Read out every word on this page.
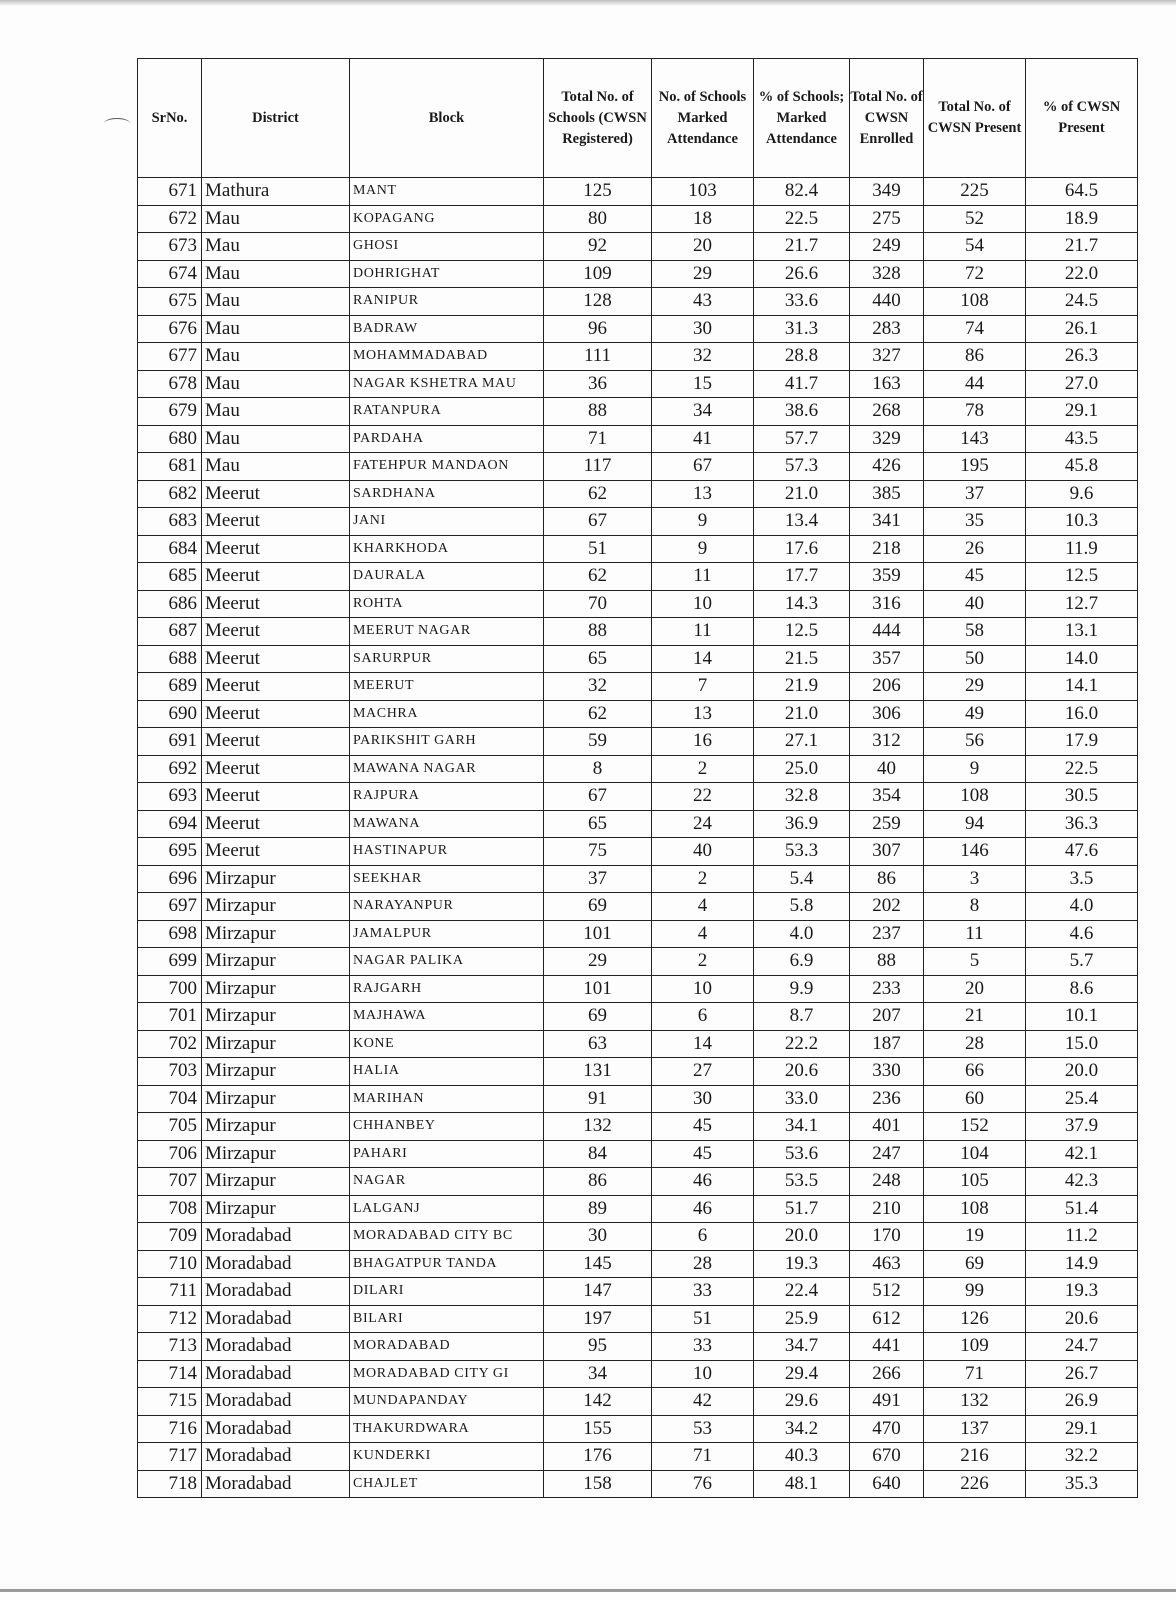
SrNo.	District	Block	Total No. of Schools (CWSN Registered)	No. of Schools Marked Attendance	% of Schools; Marked Attendance	Total No. of CWSN Enrolled	Total No. of CWSN Present	% of CWSN Present
671	Mathura	MANT	125	103	82.4	349	225	64.5
672	Mau	KOPAGANG	80	18	22.5	275	52	18.9
673	Mau	GHOSI	92	20	21.7	249	54	21.7
674	Mau	DOHRIGHAT	109	29	26.6	328	72	22.0
675	Mau	RANIPUR	128	43	33.6	440	108	24.5
676	Mau	BADRAW	96	30	31.3	283	74	26.1
677	Mau	MOHAMMADABAD	111	32	28.8	327	86	26.3
678	Mau	NAGAR KSHETRA MAU	36	15	41.7	163	44	27.0
679	Mau	RATANPURA	88	34	38.6	268	78	29.1
680	Mau	PARDAHA	71	41	57.7	329	143	43.5
681	Mau	FATEHPUR MANDAON	117	67	57.3	426	195	45.8
682	Meerut	SARDHANA	62	13	21.0	385	37	9.6
683	Meerut	JANI	67	9	13.4	341	35	10.3
684	Meerut	KHARKHODA	51	9	17.6	218	26	11.9
685	Meerut	DAURALA	62	11	17.7	359	45	12.5
686	Meerut	ROHTA	70	10	14.3	316	40	12.7
687	Meerut	MEERUT NAGAR	88	11	12.5	444	58	13.1
688	Meerut	SARURPUR	65	14	21.5	357	50	14.0
689	Meerut	MEERUT	32	7	21.9	206	29	14.1
690	Meerut	MACHRA	62	13	21.0	306	49	16.0
691	Meerut	PARIKSHIT GARH	59	16	27.1	312	56	17.9
692	Meerut	MAWANA NAGAR	8	2	25.0	40	9	22.5
693	Meerut	RAJPURA	67	22	32.8	354	108	30.5
694	Meerut	MAWANA	65	24	36.9	259	94	36.3
695	Meerut	HASTINAPUR	75	40	53.3	307	146	47.6
696	Mirzapur	SEEKHAR	37	2	5.4	86	3	3.5
697	Mirzapur	NARAYANPUR	69	4	5.8	202	8	4.0
698	Mirzapur	JAMALPUR	101	4	4.0	237	11	4.6
699	Mirzapur	NAGAR PALIKA	29	2	6.9	88	5	5.7
700	Mirzapur	RAJGARH	101	10	9.9	233	20	8.6
701	Mirzapur	MAJHAWA	69	6	8.7	207	21	10.1
702	Mirzapur	KONE	63	14	22.2	187	28	15.0
703	Mirzapur	HALIA	131	27	20.6	330	66	20.0
704	Mirzapur	MARIHAN	91	30	33.0	236	60	25.4
705	Mirzapur	CHHANBEY	132	45	34.1	401	152	37.9
706	Mirzapur	PAHARI	84	45	53.6	247	104	42.1
707	Mirzapur	NAGAR	86	46	53.5	248	105	42.3
708	Mirzapur	LALGANJ	89	46	51.7	210	108	51.4
709	Moradabad	MORADABAD CITY BC	30	6	20.0	170	19	11.2
710	Moradabad	BHAGATPUR TANDA	145	28	19.3	463	69	14.9
711	Moradabad	DILARI	147	33	22.4	512	99	19.3
712	Moradabad	BILARI	197	51	25.9	612	126	20.6
713	Moradabad	MORADABAD	95	33	34.7	441	109	24.7
714	Moradabad	MORADABAD CITY GI	34	10	29.4	266	71	26.7
715	Moradabad	MUNDAPANDAY	142	42	29.6	491	132	26.9
716	Moradabad	THAKURDWARA	155	53	34.2	470	137	29.1
717	Moradabad	KUNDERKI	176	71	40.3	670	216	32.2
718	Moradabad	CHAJLET	158	76	48.1	640	226	35.3
